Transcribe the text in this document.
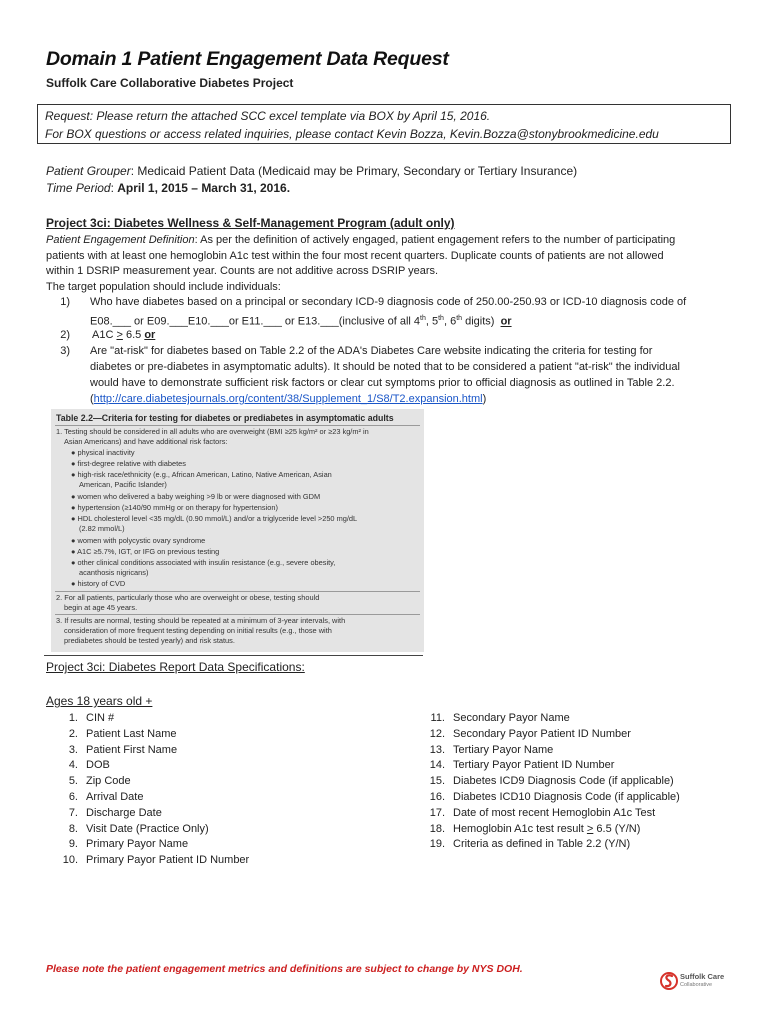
Domain 1 Patient Engagement Data Request
Suffolk Care Collaborative Diabetes Project
Request: Please return the attached SCC excel template via BOX by April 15, 2016.
For BOX questions or access related inquiries, please contact Kevin Bozza, Kevin.Bozza@stonybrookmedicine.edu
Patient Grouper: Medicaid Patient Data (Medicaid may be Primary, Secondary or Tertiary Insurance)
Time Period: April 1, 2015 – March 31, 2016.
Project 3ci: Diabetes Wellness & Self-Management Program (adult only)
Patient Engagement Definition: As per the definition of actively engaged, patient engagement refers to the number of participating
patients with at least one hemoglobin A1c test within the four most recent quarters. Duplicate counts of patients are not allowed
within 1 DSRIP measurement year. Counts are not additive across DSRIP years.
The target population should include individuals:
1) Who have diabetes based on a principal or secondary ICD-9 diagnosis code of 250.00-250.93 or ICD-10 diagnosis code of
E08.___ or E09.___E10.___or E11.___ or E13.___(inclusive of all 4th, 5th, 6th digits) or
2) A1C > 6.5 or
3) Are "at-risk" for diabetes based on Table 2.2 of the ADA's Diabetes Care website indicating the criteria for testing for
diabetes or pre-diabetes in asymptomatic adults). It should be noted that to be considered a patient "at-risk" the individual
would have to demonstrate sufficient risk factors or clear cut symptoms prior to official diagnosis as outlined in Table 2.2.
(http://care.diabetesjournals.org/content/38/Supplement_1/S8/T2.expansion.html)
Table 2.2—Criteria for testing for diabetes or prediabetes in asymptomatic adults
1. Testing should be considered in all adults who are overweight (BMI ≥25 kg/m² or ≥23 kg/m² in
Asian Americans) and have additional risk factors:
● physical inactivity
● first-degree relative with diabetes
● high-risk race/ethnicity (e.g., African American, Latino, Native American, Asian
American, Pacific Islander)
● women who delivered a baby weighing >9 lb or were diagnosed with GDM
● hypertension (≥140/90 mmHg or on therapy for hypertension)
● HDL cholesterol level <35 mg/dL (0.90 mmol/L) and/or a triglyceride level >250 mg/dL
(2.82 mmol/L)
● women with polycystic ovary syndrome
● A1C ≥5.7%, IGT, or IFG on previous testing
● other clinical conditions associated with insulin resistance (e.g., severe obesity,
acanthosis nigricans)
● history of CVD
2. For all patients, particularly those who are overweight or obese, testing should
begin at age 45 years.
3. If results are normal, testing should be repeated at a minimum of 3-year intervals, with
consideration of more frequent testing depending on initial results (e.g., those with
prediabetes should be tested yearly) and risk status.
Project 3ci: Diabetes Report Data Specifications:
Ages 18 years old +
1. CIN #
2. Patient Last Name
3. Patient First Name
4. DOB
5. Zip Code
6. Arrival Date
7. Discharge Date
8. Visit Date (Practice Only)
9. Primary Payor Name
10. Primary Payor Patient ID Number
11. Secondary Payor Name
12. Secondary Payor Patient ID Number
13. Tertiary Payor Name
14. Tertiary Payor Patient ID Number
15. Diabetes ICD9 Diagnosis Code (if applicable)
16. Diabetes ICD10 Diagnosis Code (if applicable)
17. Date of most recent Hemoglobin A1c Test
18. Hemoglobin A1c test result > 6.5 (Y/N)
19. Criteria as defined in Table 2.2 (Y/N)
Please note the patient engagement metrics and definitions are subject to change by NYS DOH.
Suffolk Care
Collaborative
